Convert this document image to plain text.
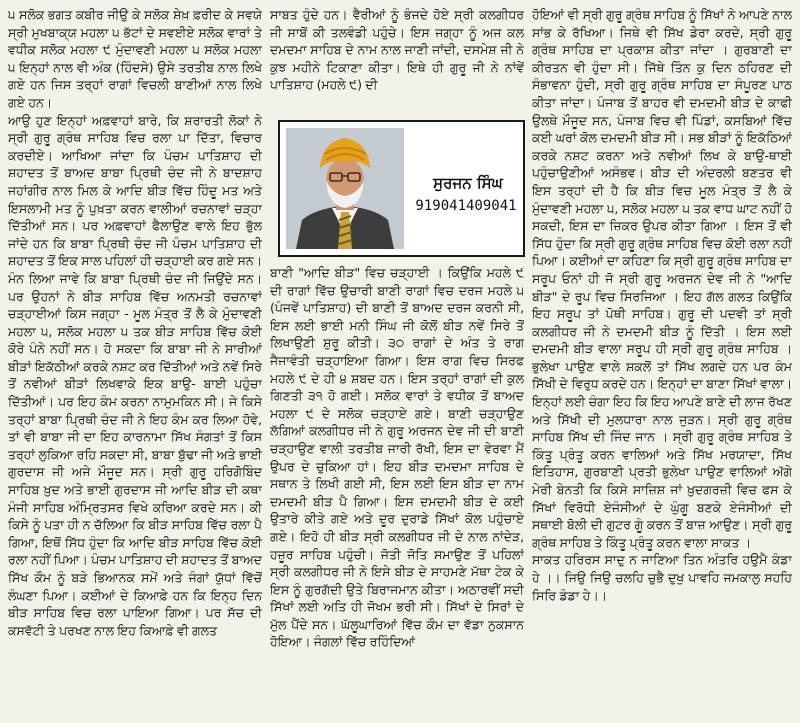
੫ ਸਲੋਕ ਭਗਤ ਕਬੀਰ ਜੀਉ ਕੇ ਸਲੋਕ ਸ਼ੇਖ਼ ਫ਼ਰੀਦ ਕੇ ਸਵਯੇ ਸ੍ਰੀ ਮੁਖਬਾਕ੍ਯ ਮਹਲਾ ੫ ਭੱਟਾਂ ਦੇ ਸਵਈਏ ਸਲੋਕ ਵਾਰਾਂ ਤੇ ਵਧੀਕ ਸਲੋਕ ਮਹਲਾ ੯ ਮੁੰਦਾਵਣੀ ਮਹਲਾ ੫ ਸਲੋਕ ਮਹਲਾ ੫ ਇਨ੍ਹਾਂ ਨਾਲ ਵੀ ਅੰਕ (ਹਿੰਦਸੇ) ਉਸੇ ਤਰਤੀਬ ਨਾਲ ਲਿਖੇ ਗਏ ਹਨ ਜਿਸ ਤਰ੍ਹਾਂ ਰਾਗਾਂ ਵਿਚਲੀ ਬਾਣੀਆਂ ਨਾਲ ਲਿਖੇ ਗਏ ਹਨ।

ਆਉ ਹੁਣ ਇਨ੍ਹਾਂ ਅਫ਼ਵਾਹਾਂ ਬਾਰੇ, ਕਿ ਸ਼ਰਾਰਤੀ ਲੋਕਾਂ ਨੇ ਸ੍ਰੀ ਗੁਰੂ ਗ੍ਰੰਥ ਸਾਹਿਬ ਵਿਚ ਰਲਾ ਪਾ ਦਿੱਤਾ, ਵਿਚਾਰ ਕਰਦੀਏ। ਆਖਿਆ ਜਾਂਦਾ ਕਿ ਪੰਚਮ ਪਾਤਿਸ਼ਾਹ ਦੀ ਸ਼ਹਾਦਤ ਤੋਂ ਬਾਅਦ ਬਾਬਾ ਪ੍ਰਿਥੀ ਚੰਦ ਜੀ ਨੇ ਬਾਦਸ਼ਾਹ ਜਹਾਂਗੀਰ ਨਾਲ ਮਿਲ ਕੇ ਆਦਿ ਬੀੜ ਵਿੱਚ ਹਿੰਦੂ ਮਤ ਅਤੇ ਇਸਲਾਮੀ ਮਤ ਨੂੰ ਪੁਖ਼ਤਾ ਕਰਨ ਵਾਲੀਆਂ ਰਚਨਾਵਾਂ ਚੜ੍ਹਾ ਦਿੱਤੀਆਂ ਸਨ। ਪਰ ਅਫ਼ਵਾਹਾਂ ਫੈਲਾਉਣ ਵਾਲੇ ਇਹ ਭੁੱਲ ਜਾਂਦੇ ਹਨ ਕਿ ਬਾਬਾ ਪ੍ਰਿਥੀ ਚੰਦ ਜੀ ਪੰਚਮ ਪਾਤਿਸ਼ਾਹ ਦੀ ਸ਼ਹਾਦਤ ਤੋਂ ਇਕ ਸਾਲ ਪਹਿਲਾਂ ਹੀ ਚੜ੍ਹਾਈ ਕਰ ਗਏ ਸਨ। ਮੰਨ ਲਿਆ ਜਾਵੇ ਕਿ ਬਾਬਾ ਪ੍ਰਿਥੀ ਚੰਦ ਜੀ ਜਿਉਂਦੇ ਸਨ। ਪਰ ਉਹਨਾਂ ਨੇ ਬੀੜ ਸਾਹਿਬ ਵਿੱਚ ਅਨਮਤੀ ਰਚਨਾਵਾਂ ਚੜ੍ਹਾਈਆਂ ਕਿਸ ਜਗ੍ਹਾ - ਮੂਲ ਮੰਤ੍ਰ ਤੋਂ ਲੈ ਕੇ ਮੁੰਦਾਵਣੀ ਮਹਲਾ ੫, ਸਲੋਕ ਮਹਲਾ ੫ ਤਕ ਬੀੜ ਸਾਹਿਬ ਵਿੱਚ ਕੋਈ ਕੋਰੇ ਪੰਨੇ ਨਹੀਂ ਸਨ। ਹੋ ਸਕਦਾ ਕਿ ਬਾਬਾ ਜੀ ਨੇ ਸਾਰੀਆਂ ਬੀੜਾਂ ਇਕੱਠੀਆਂ ਕਰਕੇ ਨਸ਼ਟ ਕਰ ਦਿੱਤੀਆਂ ਅਤੇ ਨਵੇਂ ਸਿਰੇ ਤੋਂ ਨਵੀਆਂ ਬੀੜਾਂ ਲਿਖਵਾਕੇ ਇਕ ਬਾਉ- ਬਾਈ ਪਹੁੰਚਾ ਦਿੱਤੀਆਂ। ਪਰ ਇਹ ਕੰਮ ਕਰਨਾ ਨਾਮੁਮਕਿਨ ਸੀ। ਜੇ ਕਿਸੇ ਤਰ੍ਹਾਂ ਬਾਬਾ ਪ੍ਰਿਥੀ ਚੰਦ ਜੀ ਨੇ ਇਹ ਕੰਮ ਕਰ ਲਿਆ ਹੋਵੇ, ਤਾਂ ਵੀ ਬਾਬਾ ਜੀ ਦਾ ਇਹ ਕਾਰਨਾਮਾ ਸਿੱਖ ਸੰਗਤਾਂ ਤੋਂ ਕਿਸ ਤਰ੍ਹਾਂ ਲੁਕਿਆ ਰਹਿ ਸਕਦਾ ਸੀ, ਬਾਬਾ ਬੁੱਢਾ ਜੀ ਅਤੇ ਭਾਈ ਗੁਰਦਾਸ ਜੀ ਅਜੇ ਮੌਜੂਦ ਸਨ। ਸ੍ਰੀ ਗੁਰੂ ਹਰਿਗੋਬਿੰਦ ਸਾਹਿਬ ਖ਼ੁਦ ਅਤੇ ਭਾਈ ਗੁਰਦਾਸ ਜੀ ਆਦਿ ਬੀੜ ਦੀ ਕਥਾ ਮੰਜੀ ਸਾਹਿਬ ਅੰਮ੍ਰਿਤਸਰ ਵਿਖੇ ਕਰਿਆ ਕਰਦੇ ਸਨ। ਕੀ ਕਿਸੇ ਨੂੰ ਪਤਾ ਹੀ ਨ ਚੱਲਿਆ ਕਿ ਬੀੜ ਸਾਹਿਬ ਵਿੱਚ ਰਲਾ ਪੈ ਗਿਆ, ਇਥੋਂ ਸਿੱਧ ਹੁੰਦਾ ਕਿ ਆਦਿ ਬੀੜ ਸਾਹਿਬ ਵਿੱਚ ਕੋਈ ਰਲਾ ਨਹੀਂ ਪਿਆ। ਪੰਚਮ ਪਾਤਿਸ਼ਾਹ ਦੀ ਸ਼ਹਾਦਤ ਤੋਂ ਬਾਅਦ ਸਿੱਖ ਕੌਮ ਨੂੰ ਬੜੇ ਭਿਆਨਕ ਸਮੇਂ ਅਤੇ ਜੰਗਾਂ ਯੁੱਧਾਂ ਵਿੱਚੋਂ ਲੰਘਣਾ ਪਿਆ। ਕਈਆਂ ਦੇ ਕਿਆਫ਼ੇ ਹਨ ਕਿ ਇਨ੍ਹ ਦਿਨ ਬੀੜ ਸਾਹਿਬ ਵਿਚ ਰਲਾ ਪਾਇਆ ਗਿਆ। ਪਰ ਸੱਚ ਦੀ ਕਸਵੱਟੀ ਤੇ ਪਰਖਣ ਨਾਲ ਇਹ ਕਿਆਫ਼ੇ ਵੀ ਗਲਤ

ਸਾਬਤ ਹੁੰਦੇ ਹਨ। ਵੈਰੀਆਂ ਨੂੰ ਭੰਜਦੇ ਹੋਏ ਸ੍ਰੀ ਕਲਗੀਧਰ ਜੀ ਸਾਬੋਂ ਕੀ ਤਲਵੰਡੀ ਪਹੁੰਚੇ। ਇਸ ਜਗ੍ਹਾ ਨੂੰ ਅਜ ਕਲ ਦਮਦਮਾ ਸਾਹਿਬ ਦੇ ਨਾਮ ਨਾਲ ਜਾਣੀ ਜਾਂਦੀ, ਦਸਮੇਸ਼ ਜੀ ਨੇ ਕੁਝ ਮਹੀਨੇ ਟਿਕਾਣਾ ਕੀਤਾ। ਇਥੇ ਹੀ ਗੁਰੂ ਜੀ ਨੇ ਨਾਂਵੇਂ ਪਾਤਿਸ਼ਾਹ (ਮਹਲੇ ੯) ਦੀ

ਸੁਰਜਨ ਸਿੰਘ
919041409041

ਬਾਣੀ "ਆਦਿ ਬੀੜ" ਵਿਚ ਚੜ੍ਹਾਈ । ਕਿਉਂਕਿ ਮਹਲੇ ੯ ਦੀ ਰਾਗਾਂ ਵਿੱਚ ਉਚਾਰੀ ਬਾਣੀ ਰਾਗਾਂ ਵਿਚ ਦਰਜ ਮਹਲੇ ੫ (ਪੰਜਵੇਂ ਪਾਤਿਸ਼ਾਹ) ਦੀ ਬਾਣੀ ਤੋਂ ਬਾਅਦ ਦਰਜ ਕਰਨੀ ਸੀ, ਇਸ ਲਈ ਭਾਈ ਮਨੀ ਸਿੰਘ ਜੀ ਕੋਲੋਂ ਬੀੜ ਨਵੇਂ ਸਿਰੇ ਤੋਂ ਲਿਖਾਉਣੀ ਸ਼ੁਰੂ ਕੀਤੀ। ੩੦ ਰਾਗਾਂ ਦੇ ਅੰਤ ਤੇ ਰਾਗ ਜੈਜਾਵੰਤੀ ਚੜ੍ਹਾਇਆ ਗਿਆ। ਇਸ ਰਾਗ ਵਿਚ ਸਿਰਫ ਮਹਲੇ ੯ ਦੇ ਹੀ ੪ ਸ਼ਬਦ ਹਨ। ਇਸ ਤਰ੍ਹਾਂ ਰਾਗਾਂ ਦੀ ਕੁਲ ਗਿਣਤੀ ੩੧ ਹੋ ਗਈ। ਸਲੋਕ ਵਾਰਾਂ ਤੇ ਵਧੀਕ ਤੋਂ ਬਾਅਦ ਮਹਲਾ ੯ ਦੇ ਸਲੋਕ ਚੜ੍ਹਾਏ ਗਏ। ਬਾਣੀ ਚੜ੍ਹਾਉਣ ਲੱਗਿਆਂ ਕਲਗੀਧਰ ਜੀ ਨੇ ਗੁਰੂ ਅਰਜਨ ਦੇਵ ਜੀ ਦੀ ਬਾਣੀ ਚੜ੍ਹਾਉਣ ਵਾਲੀ ਤਰਤੀਬ ਜਾਰੀ ਰੱਖੀ, ਇਸ ਦਾ ਵੇਰਵਾ ਮੈਂ ਉਪਰ ਦੇ ਚੁਕਿਆ ਹਾਂ। ਇਹ ਬੀੜ ਦਮਦਮਾ ਸਾਹਿਬ ਦੇ ਸਥਾਨ ਤੇ ਲਿਖੀ ਗਈ ਸੀ, ਇਸ ਲਈ ਇਸ ਬੀੜ ਦਾ ਨਾਮ ਦਮਦਮੀ ਬੀੜ ਪੈ ਗਿਆ। ਇਸ ਦਮਦਮੀ ਬੀੜ ਦੇ ਕਈ ਉਤਾਰੇ ਕੀਤੇ ਗਏ ਅਤੇ ਦੂਰ ਦੁਰਾਡੇ ਸਿੱਖਾਂ ਕੋਲ ਪਹੁੰਚਾਏ ਗਏ। ਇਹੋ ਹੀ ਬੀੜ ਸ੍ਰੀ ਕਲਗੀਧਰ ਜੀ ਦੇ ਨਾਲ ਨਾਂਦੇੜ, ਹਜ਼ੂਰ ਸਾਹਿਬ ਪਹੁੰਚੀ। ਜੋਤੀ ਜੋਤਿ ਸਮਾਉਣ ਤੋਂ ਪਹਿਲਾਂ ਸ੍ਰੀ ਕਲਗੀਧਰ ਜੀ ਨੇ ਇਸੇ ਬੀੜ ਦੇ ਸਾਹਮਣੇ ਮੱਥਾ ਟੇਕ ਕੇ ਇਸ ਨੂੰ ਗੁਰਗੱਦੀ ਉਤੇ ਬਿਰਾਜਮਾਨ ਕੀਤਾ। ਅਠਾਰਵੀਂ ਸਦੀ ਸਿੱਖਾਂ ਲਈ ਅਤਿ ਹੀ ਜੋਖਮ ਭਰੀ ਸੀ। ਸਿੱਖਾਂ ਦੇ ਸਿਰਾਂ ਦੇ ਮੁੱਲ ਪੈਂਦੇ ਸਨ। ਘੱਲੂਘਾਰਿਆਂ ਵਿੱਚ ਕੌਮ ਦਾ ਵੱਡਾ ਨੁਕਸਾਨ ਹੋਇਆ। ਜੰਗਲਾਂ ਵਿੱਚ ਰਹਿੰਦਿਆਂ

ਹੋਇਆਂ ਵੀ ਸ੍ਰੀ ਗੁਰੂ ਗ੍ਰੰਥ ਸਾਹਿਬ ਨੂੰ ਸਿੱਖਾਂ ਨੇ ਆਪਣੇ ਨਾਲ ਸਾਂਭ ਕੇ ਰੱਖਿਆ। ਜਿਥੇ ਵੀ ਸਿੱਖ ਡੇਰਾ ਕਰਦੇ, ਸ੍ਰੀ ਗੁਰੂ ਗ੍ਰੰਥ ਸਾਹਿਬ ਦਾ ਪ੍ਰਕਾਸ਼ ਕੀਤਾ ਜਾਂਦਾ । ਗੁਰਬਾਣੀ ਦਾ ਕੀਰਤਨ ਵੀ ਹੁੰਦਾ ਸੀ। ਜਿੱਥੇ ਤਿੰਨ ਕੁ ਦਿਨ ਠਹਿਰਣ ਦੀ ਸੰਭਾਵਨਾ ਹੁੰਦੀ, ਸ੍ਰੀ ਗੁਰੂ ਗ੍ਰੰਥ ਸਾਹਿਬ ਦਾ ਸੰਪੂਰਣ ਪਾਠ ਕੀਤਾ ਜਾਂਦਾ। ਪੰਜਾਬ ਤੋਂ ਬਾਹਰ ਵੀ ਦਮਦਮੀ ਬੀੜ ਦੇ ਕਾਫੀ ਉਲਥੇ ਮੌਜੂਦ ਸਨ, ਪੰਜਾਬ ਵਿਚ ਵੀ ਪਿੰਡਾਂ, ਕਸਬਿਆਂ ਵਿੱਚ ਕਈ ਘਰਾਂ ਕੋਲ ਦਮਦਮੀ ਬੀੜ ਸੀ। ਸਭ ਬੀੜਾਂ ਨੂੰ ਇਕੱਠਿਆਂ ਕਰਕੇ ਨਸ਼ਟ ਕਰਨਾ ਅਤੇ ਨਵੀਆਂ ਲਿਖ ਕੇ ਬਾਉ-ਥਾਈ ਪਹੁੰਚਾਉਣੀਆਂ ਅਸੰਭਵ। ਬੀੜ ਦੀ ਅੰਦਰਲੀ ਬਣਤਰ ਵੀ ਇਸ ਤਰ੍ਹਾਂ ਦੀ ਹੈ ਕਿ ਬੀੜ ਵਿਚ ਮੂਲ ਮੰਤ੍ਰ ਤੋਂ ਲੈ ਕੇ ਮੁੰਦਾਵਣੀ ਮਹਲਾ ੫, ਸਲੋਕ ਮਹਲਾ ੫ ਤਕ ਵਾਧ ਘਾਟ ਨਹੀਂ ਹੋ ਸਕਦੀ, ਇਸ ਦਾ ਜ਼ਿਕਰ ਉਪਰ ਕੀਤਾ ਗਿਆ । ਇਸ ਤੋਂ ਵੀ ਸਿੱਧ ਹੁੰਦਾ ਕਿ ਸ੍ਰੀ ਗੁਰੂ ਗ੍ਰੰਥ ਸਾਹਿਬ ਵਿਚ ਕੋਈ ਰਲਾ ਨਹੀਂ ਪਿਆ। ਕਈਆਂ ਦਾ ਕਹਿਣਾ ਕਿ ਸ੍ਰੀ ਗੁਰੂ ਗ੍ਰੰਥ ਸਾਹਿਬ ਦਾ ਸਰੂਪ ਓਨਾਂ ਹੀ ਜੋ ਸ੍ਰੀ ਗੁਰੂ ਅਰਜਨ ਦੇਵ ਜੀ ਨੇ "ਆਦਿ ਬੀੜ" ਦੇ ਰੂਪ ਵਿਚ ਸਿਰਜਿਆ । ਇਹ ਗੱਲ ਗਲਤ ਕਿਉਂਕਿ ਇਹ ਸਰੂਪ ਤਾਂ ਪੋਥੀ ਸਾਹਿਬ। ਗੁਰੂ ਦੀ ਪਦਵੀ ਤਾਂ ਸ੍ਰੀ ਕਲਗੀਧਰ ਜੀ ਨੇ ਦਮਦਮੀ ਬੀੜ ਨੂੰ ਦਿੱਤੀ । ਇਸ ਲਈ ਦਮਦਮੀ ਬੀੜ ਵਾਲਾ ਸਰੂਪ ਹੀ ਸ੍ਰੀ ਗੁਰੂ ਗ੍ਰੰਥ ਸਾਹਿਬ । ਭੁਲੇਖਾ ਪਾਉਣ ਵਾਲੇ ਸ਼ਕਲੋਂ ਤਾਂ ਸਿੱਖ ਲਗਦੇ ਹਨ ਪਰ ਕੰਮ ਸਿੱਖੀ ਦੇ ਵਿਰੁਧ ਕਰਦੇ ਹਨ। ਇਨ੍ਹਾਂ ਦਾ ਬਾਣਾ ਸਿੱਖਾਂ ਵਾਲਾ। ਇਨ੍ਹਾਂ ਲਈ ਚੰਗਾ ਇਹ ਕਿ ਇਹ ਆਪਣੇ ਬਾਣੇ ਦੀ ਲਾਜ ਰੱਖਣ ਅਤੇ ਸਿੱਖੀ ਦੀ ਮੁਲਧਾਰਾ ਨਾਲ ਜੁੜਨ। ਸ੍ਰੀ ਗੁਰੂ ਗ੍ਰੰਥ ਸਾਹਿਬ ਸਿੱਖ ਦੀ ਜਿੰਦ ਜਾਨ । ਸ੍ਰੀ ਗੁਰੂ ਗ੍ਰੰਥ ਸਾਹਿਬ ਤੇ ਕਿੰਤੂ ਪ੍ਰੰਤੂ ਕਰਨ ਵਾਲਿਆਂ ਅਤੇ ਸਿੱਖ ਮਰਯਾਦਾ, ਸਿੱਖ ਇਤਿਹਾਸ, ਗੁਰਬਾਣੀ ਪ੍ਰਤੀ ਭੁਲੇਖਾ ਪਾਉਣ ਵਾਲਿਆਂ ਅੱਗੇ ਮੇਰੀ ਬੇਨਤੀ ਕਿ ਕਿਸੇ ਸਾਜ਼ਿਸ਼ ਜਾਂ ਖ਼ੁਦਗਰਜ਼ੀ ਵਿਚ ਫਸ ਕੇ ਸਿੱਖਾਂ ਵਿਰੋਧੀ ਏਜੰਸੀਆਂ ਦੇ ਘੁੰਗੂ ਬਣਕੇ ਏਜੰਸੀਆਂ ਦੀ ਸਥਾਈ ਬੋਲੀ ਦੀ ਗੁਟਰ ਗੂੰ ਕਰਨ ਤੋਂ ਬਾਜ਼ ਆਉਣ। ਸ੍ਰੀ ਗੁਰੂ ਗ੍ਰੰਥ ਸਾਹਿਬ ਤੇ ਕਿੰਤੂ ਪ੍ਰੰਤੂ ਕਰਨ ਵਾਲਾ ਸਾਕਤ ।

ਸਾਕਤ ਹਰਿਰਸ ਸਾਦੁ ਨ ਜਾਣਿਆ ਤਿਨ ਅੰਤਰਿ ਹਉਮੈ ਕੰਡਾ ਹੇ ।। ਜਿਉ ਜਿਉ ਚਲਹਿ ਚੁਭੈ ਦੁਖੁ ਪਾਵਹਿ ਜਮਕਾਲੁ ਸਹਹਿ ਸਿਰਿ ਡੰਡਾ ਹੇ।।
